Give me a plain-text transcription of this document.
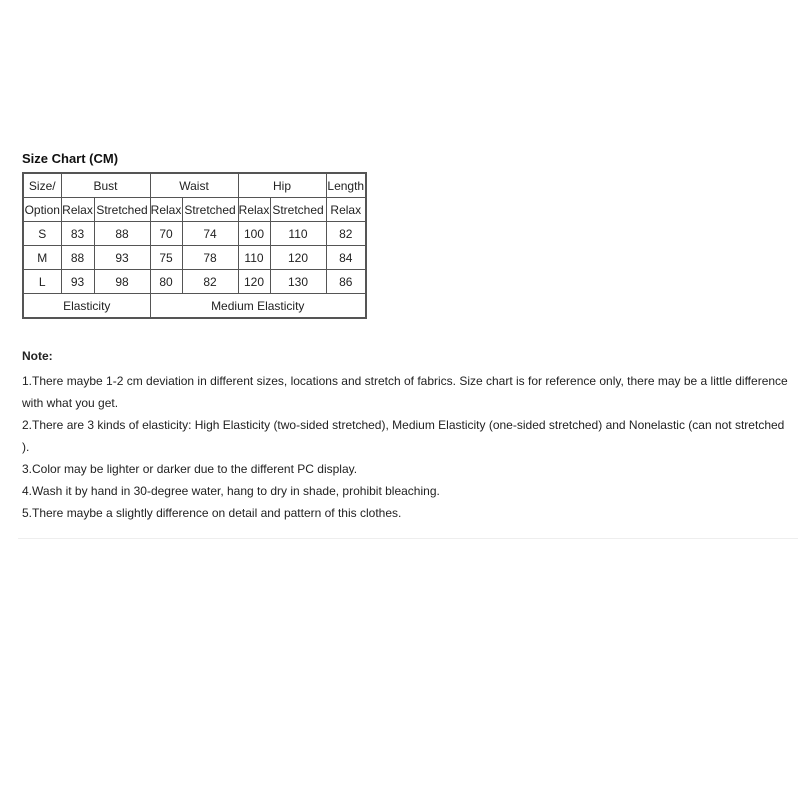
Size Chart (CM)
Size/	Bust		Waist		Hip		Length
Option	Relax	Stretched	Relax	Stretched	Relax	Stretched	Relax
S	83	88	70	74	100	110	82
M	88	93	75	78	110	120	84
L	93	98	80	82	120	130	86
Elasticity			Medium Elasticity				
Note:

1.There maybe 1-2 cm deviation in different sizes, locations and stretch of fabrics. Size chart is for reference only, there may be a little difference with what you get.

2.There are 3 kinds of elasticity: High Elasticity (two-sided stretched), Medium Elasticity (one-sided stretched) and Nonelastic (can not stretched ).

3.Color may be lighter or darker due to the different PC display.

4.Wash it by hand in 30-degree water, hang to dry in shade, prohibit bleaching.

5.There maybe a slightly difference on detail and pattern of this clothes.
